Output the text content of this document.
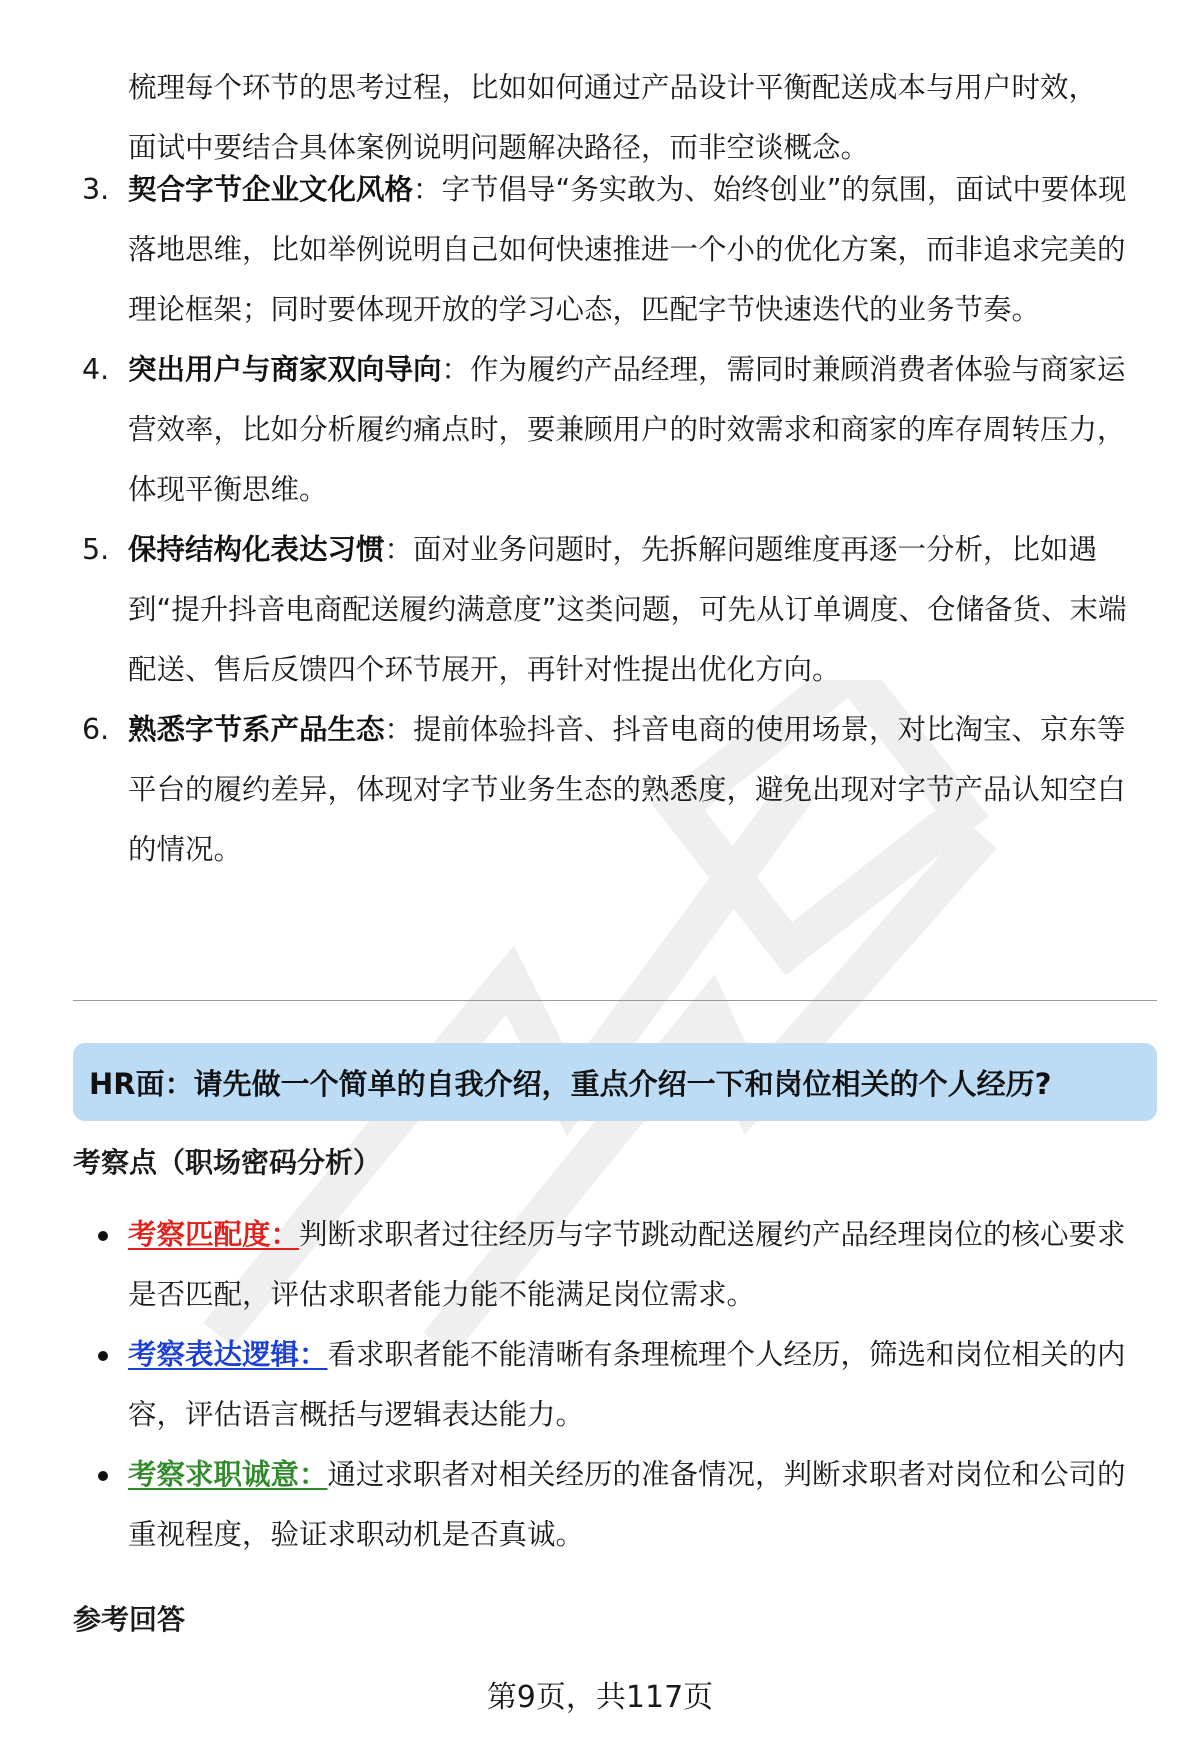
梳理每个环节的思考过程，比如如何通过产品设计平衡配送成本与用户时效，

面试中要结合具体案例说明问题解决路径，而非空谈概念。

3. 契合字节企业文化风格：字节倡导“务实敢为、始终创业”的氛围，面试中要体现落地思维，比如举例说明自己如何快速推进一个小的优化方案，而非追求完美的理论框架；同时要体现开放的学习心态，匹配字节快速迭代的业务节奏。
4. 突出用户与商家双向导向：作为履约产品经理，需同时兼顾消费者体验与商家运营效率，比如分析履约痛点时，要兼顾用户的时效需求和商家的库存周转压力，体现平衡思维。
5. 保持结构化表达习惯：面对业务问题时，先拆解问题维度再逐一分析，比如遇到“提升抖音电商配送履约满意度”这类问题，可先从订单调度、仓储备货、末端配送、售后反馈四个环节展开，再针对性提出优化方向。
6. 熟悉字节系产品生态：提前体验抖音、抖音电商的使用场景，对比淘宝、京东等平台的履约差异，体现对字节业务生态的熟悉度，避免出现对字节产品认知空白的情况。
HR面：请先做一个简单的自我介绍，重点介绍一下和岗位相关的个人经历?

考察点（职场密码分析）

考察匹配度：判断求职者过往经历与字节跳动配送履约产品经理岗位的核心要求是否匹配，评估求职者能力能不能满足岗位需求。
考察表达逻辑：看求职者能不能清晰有条理梳理个人经历，筛选和岗位相关的内容，评估语言概括与逻辑表达能力。
考察求职诚意：通过求职者对相关经历的准备情况，判断求职者对岗位和公司的重视程度，验证求职动机是否真诚。

参考回答

第9页，共117页
